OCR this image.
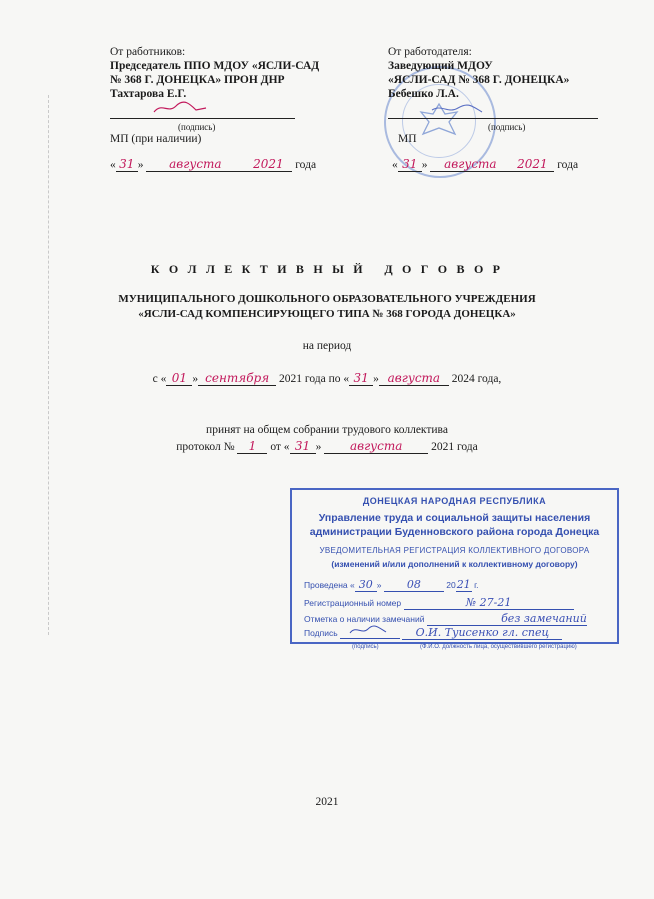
От работников:
Председатель ППО МДОУ «ЯСЛИ-САД
№ 368 Г. ДОНЕЦКА» ПРОН ДНР
Тахтарова Е.Г.
(подпись)
МП (при наличии)
« 31 » августа	2021 года
От работодателя:
Заведующий МДОУ
«ЯСЛИ-САД № 368 Г. ДОНЕЦКА»
Бебешко Л.А.
(подпись)
МП
« 31 » августа 2021 года
К О Л Л Е К Т И В Н Ы Й   Д О Г О В О Р
МУНИЦИПАЛЬНОГО ДОШКОЛЬНОГО ОБРАЗОВАТЕЛЬНОГО УЧРЕЖДЕНИЯ
«ЯСЛИ-САД КОМПЕНСИРУЮЩЕГО ТИПА № 368 ГОРОДА ДОНЕЦКА»
на период
с « 01 » сентября 2021 года по « 31 » августа 2024 года,
принят на общем собрании трудового коллектива
протокол № 1 от « 31 » августа 2021 года
ДОНЕЦКАЯ НАРОДНАЯ РЕСПУБЛИКА
Управление труда и социальной защиты населения
администрации Буденновского района города Донецка
УВЕДОМИТЕЛЬНАЯ РЕГИСТРАЦИЯ КОЛЛЕКТИВНОГО ДОГОВОРА
(изменений и/или дополнений к коллективному договору)
Проведена « 30 » 08	2021 г.
Регистрационный номер	№ 27-21
Отметка о наличии замечаний	без замечаний
Подпись	О.И. Туисенко гл. спец
(подпись)	(Ф.И.О. должность лица, осуществившего регистрацию)
2021
